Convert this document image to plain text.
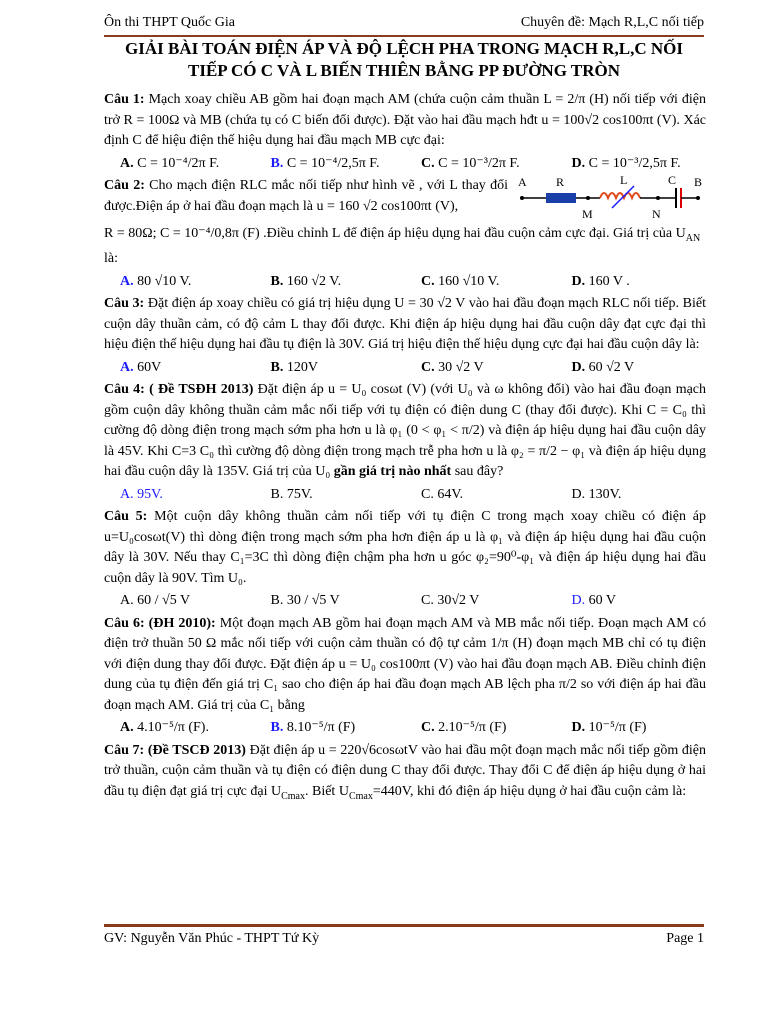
Ôn thi THPT Quốc Gia	Chuyên đề: Mạch R,L,C nối tiếp
GIẢI BÀI TOÁN ĐIỆN ÁP VÀ ĐỘ LỆCH PHA TRONG MẠCH R,L,C NỐI TIẾP CÓ C VÀ L BIẾN THIÊN BẰNG PP ĐƯỜNG TRÒN

Câu 1: Mạch xoay chiều AB gồm hai đoạn mạch AM (chứa cuộn cảm thuần L = 2/π (H) nối tiếp với điện trở R = 100Ω và MB (chứa tụ có C biến đổi được). Đặt vào hai đầu mạch hđt u = 100√2 cos100πt (V). Xác định C để hiệu điện thế hiệu dụng hai đầu mạch MB cực đại:

A. C = 10⁻⁴/2π F.	B. C = 10⁻⁴/2,5π F.	C. C = 10⁻³/2π F.	D. C = 10⁻³/2,5π F.
A R	L	C B
M	N

Câu 2: Cho mạch điện RLC mắc nối tiếp như hình vẽ , với L thay đổi được.Điện áp ở hai đầu đoạn mạch là u = 160 √2 cos100πt (V),

R = 80Ω; C = 10⁻⁴/0,8π (F) .Điều chỉnh L để điện áp hiệu dụng hai đầu cuộn cảm cực đại. Giá trị của $U_{AN}$

là:

A. 80 √10 V.	B. 160 √2 V.	C. 160 √10 V.	D. 160 V .

Câu 3: Đặt điện áp xoay chiều có giá trị hiệu dụng U = 30 √2 V vào hai đầu đoạn mạch RLC nối tiếp. Biết cuộn dây thuần cảm, có độ cảm L thay đổi được. Khi điện áp hiệu dụng hai đầu cuộn dây đạt cực đại thì hiệu điện thế hiệu dụng hai đầu tụ điện là 30V. Giá trị hiệu điện thế hiệu dụng cực đại hai đầu cuộn dây là:

A. 60V	B. 120V	C. 30 √2 V	D. 60 √2 V

Câu 4: ( Đề TSĐH 2013) Đặt điện áp u = U₀ cosωt (V) (với U₀ và ω không đổi) vào hai đầu đoạn mạch gồm cuộn dây không thuần cảm mắc nối tiếp với tụ điện có điện dung C (thay đổi được). Khi C = C₀ thì cường độ dòng điện trong mạch sớm pha hơn u là φ₁ (0 < φ₁ < π/2) và điện áp hiệu dụng hai đầu cuộn dây là 45V. Khi C=3 C₀ thì cường độ dòng điện trong mạch trễ pha hơn u là φ₂ = π/2 − φ₁ và điện áp hiệu dụng hai đầu cuộn dây là 135V. Giá trị của U₀ gần giá trị nào nhất sau đây?

A. 95V.	B. 75V.	C. 64V.	D. 130V.

Câu 5: Một cuộn dây không thuần cảm nối tiếp với tụ điện C trong mạch xoay chiều có điện áp u=U₀cosωt(V) thì dòng điện trong mạch sớm pha hơn điện áp u là φ₁ và điện áp hiệu dụng hai đầu cuộn dây là 30V. Nếu thay C₁=3C thì dòng điện chậm pha hơn u góc φ₂=90⁰-φ₁ và điện áp hiệu dụng hai đầu cuộn dây là 90V. Tìm U₀.

A. 60 / √5 V	B. 30 / √5 V	C. 30√2 V	D. 60 V

Câu 6: (ĐH 2010): Một đoạn mạch AB gồm hai đoạn mạch AM và MB mắc nối tiếp. Đoạn mạch AM có điện trở thuần 50 Ω mắc nối tiếp với cuộn cảm thuần có độ tự cảm 1/π (H) đoạn mạch MB chỉ có tụ điện với điện dung thay đổi được. Đặt điện áp u = U₀ cos100πt (V) vào hai đầu đoạn mạch AB. Điều chỉnh điện dung của tụ điện đến giá trị C₁ sao cho điện áp hai đầu đoạn mạch AB lệch pha π/2 so với điện áp hai đầu đoạn mạch AM. Giá trị của C₁ bằng

A. 4.10⁻⁵/π (F).	B. 8.10⁻⁵/π (F)	C. 2.10⁻⁵/π (F)	D. 10⁻⁵/π (F)

Câu 7: (Đề TSCĐ 2013) Đặt điện áp u = 220√6cosωtV vào hai đầu một đoạn mạch mắc nối tiếp gồm điện trở thuần, cuộn cảm thuần và tụ điện có điện dung C thay đổi được. Thay đổi C để điện áp hiệu dụng ở hai đầu tụ điện đạt giá trị cực đại $U_{Cmax}$. Biết $U_{Cmax}=440V$, khi đó điện áp hiệu dụng ở hai đầu cuộn cảm là:

GV: Nguyễn Văn Phúc - THPT Tứ Kỳ	Page 1
